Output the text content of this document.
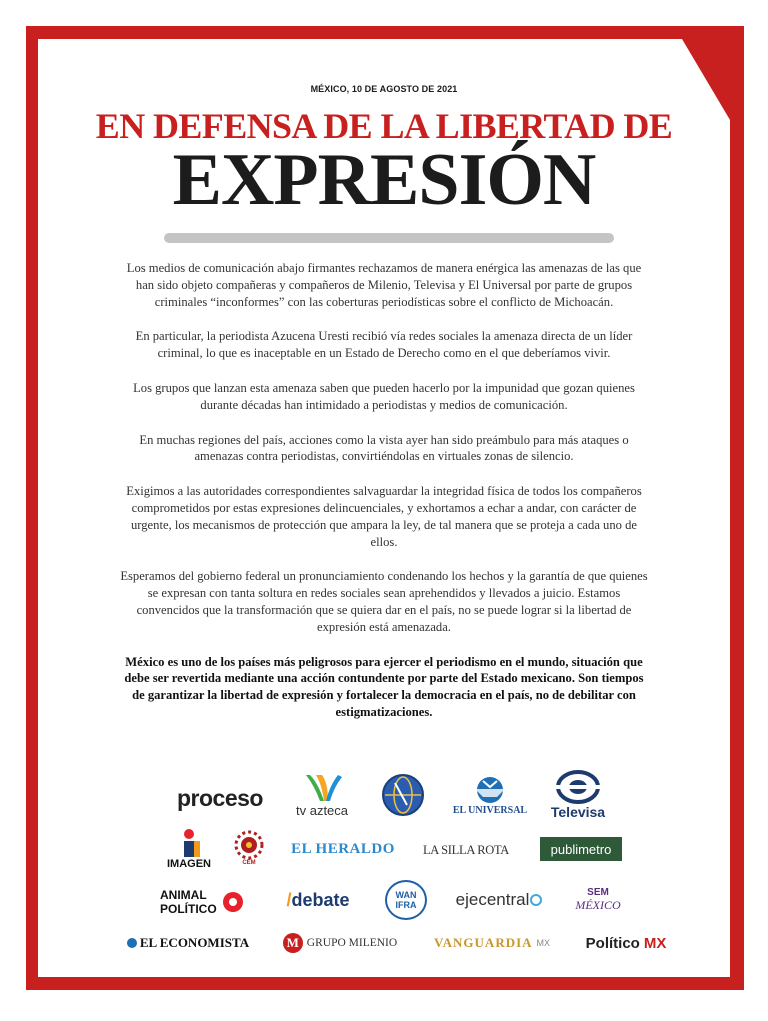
MÉXICO, 10 DE AGOSTO DE 2021
EN DEFENSA DE LA LIBERTAD DE
EXPRESIÓN

Los medios de comunicación abajo firmantes rechazamos de manera enérgica las amenazas de las que han sido objeto compañeras y compañeros de Milenio, Televisa y El Universal por parte de grupos criminales “inconformes” con las coberturas periodísticas sobre el conflicto de Michoacán.

En particular, la periodista Azucena Uresti recibió vía redes sociales la amenaza directa de un líder criminal, lo que es inaceptable en un Estado de Derecho como en el que deberíamos vivir.

Los grupos que lanzan esta amenaza saben que pueden hacerlo por la impunidad que gozan quienes durante décadas han intimidado a periodistas y medios de comunicación.

En muchas regiones del país, acciones como la vista ayer han sido preámbulo para más ataques o amenazas contra periodistas, convirtiéndolas en virtuales zonas de silencio.

Exigimos a las autoridades correspondientes salvaguardar la integridad física de todos los compañeros comprometidos por estas expresiones delincuenciales, y exhortamos a echar a andar, con carácter de urgente, los mecanismos de protección que ampara la ley, de tal manera que se proteja a cada uno de ellos.

Esperamos del gobierno federal un pronunciamiento condenando los hechos y la garantía de que quienes se expresan con tanta soltura en redes sociales sean aprehendidos y llevados a juicio. Estamos convencidos que la transformación que se quiera dar en el país, no se puede lograr si la libertad de expresión está amenazada.

México es uno de los países más peligrosos para ejercer el periodismo en el mundo, situación que debe ser revertida mediante una acción contundente por parte del Estado mexicano. Son tiempos de garantizar la libertad de expresión y fortalecer la democracia en el país, no de debilitar con estigmatizaciones.

proceso	tv azteca	EL UNIVERSAL Televisa
IMAGEN	CEM
EL HERALDO LA SILLA ROTA	publimetro
ANIMAL
POLÍTICO	/ debate	WAN
IFRA ejecentral	SEM
MÉXICO
EL ECONOMISTA	M GRUPO MILENIO	VANGUARDIA MX Político MX
